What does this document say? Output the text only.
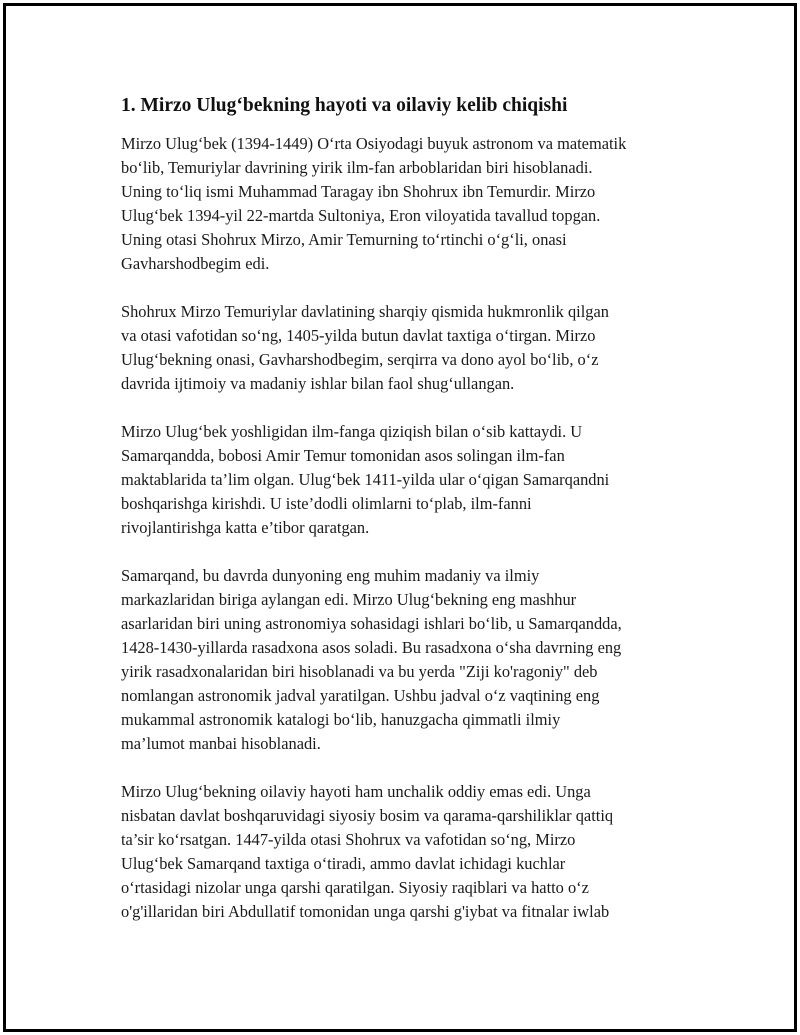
1. Mirzo Ulug‘bekning hayoti va oilaviy kelib chiqishi

Mirzo Ulug‘bek (1394-1449) O‘rta Osiyodagi buyuk astronom va matematik
bo‘lib, Temuriylar davrining yirik ilm-fan arboblaridan biri hisoblanadi.
Uning to‘liq ismi Muhammad Taragay ibn Shohrux ibn Temurdir. Mirzo
Ulug‘bek 1394-yil 22-martda Sultoniya, Eron viloyatida tavallud topgan.
Uning otasi Shohrux Mirzo, Amir Temurning to‘rtinchi o‘g‘li, onasi
Gavharshodbegim edi.

Shohrux Mirzo Temuriylar davlatining sharqiy qismida hukmronlik qilgan
va otasi vafotidan so‘ng, 1405-yilda butun davlat taxtiga o‘tirgan. Mirzo
Ulug‘bekning onasi, Gavharshodbegim, serqirra va dono ayol bo‘lib, o‘z
davrida ijtimoiy va madaniy ishlar bilan faol shug‘ullangan.

Mirzo Ulug‘bek yoshligidan ilm-fanga qiziqish bilan o‘sib kattaydi. U
Samarqandda, bobosi Amir Temur tomonidan asos solingan ilm-fan
maktablarida ta’lim olgan. Ulug‘bek 1411-yilda ular o‘qigan Samarqandni
boshqarishga kirishdi. U iste’dodli olimlarni to‘plab, ilm-fanni
rivojlantirishga katta e’tibor qaratgan.

Samarqand, bu davrda dunyoning eng muhim madaniy va ilmiy
markazlaridan biriga aylangan edi. Mirzo Ulug‘bekning eng mashhur
asarlaridan biri uning astronomiya sohasidagi ishlari bo‘lib, u Samarqandda,
1428-1430-yillarda rasadxona asos soladi. Bu rasadxona o‘sha davrning eng
yirik rasadxonalaridan biri hisoblanadi va bu yerda "Ziji ko'ragoniy" deb
nomlangan astronomik jadval yaratilgan. Ushbu jadval o‘z vaqtining eng
mukammal astronomik katalogi bo‘lib, hanuzgacha qimmatli ilmiy
ma’lumot manbai hisoblanadi.

Mirzo Ulug‘bekning oilaviy hayoti ham unchalik oddiy emas edi. Unga
nisbatan davlat boshqaruvidagi siyosiy bosim va qarama-qarshiliklar qattiq
ta’sir ko‘rsatgan. 1447-yilda otasi Shohrux va vafotidan so‘ng, Mirzo
Ulug‘bek Samarqand taxtiga o‘tiradi, ammo davlat ichidagi kuchlar
o‘rtasidagi nizolar unga qarshi qaratilgan. Siyosiy raqiblari va hatto o‘z
o'g'illaridan biri Abdullatif tomonidan unga qarshi g'iybat va fitnalar iwlab
